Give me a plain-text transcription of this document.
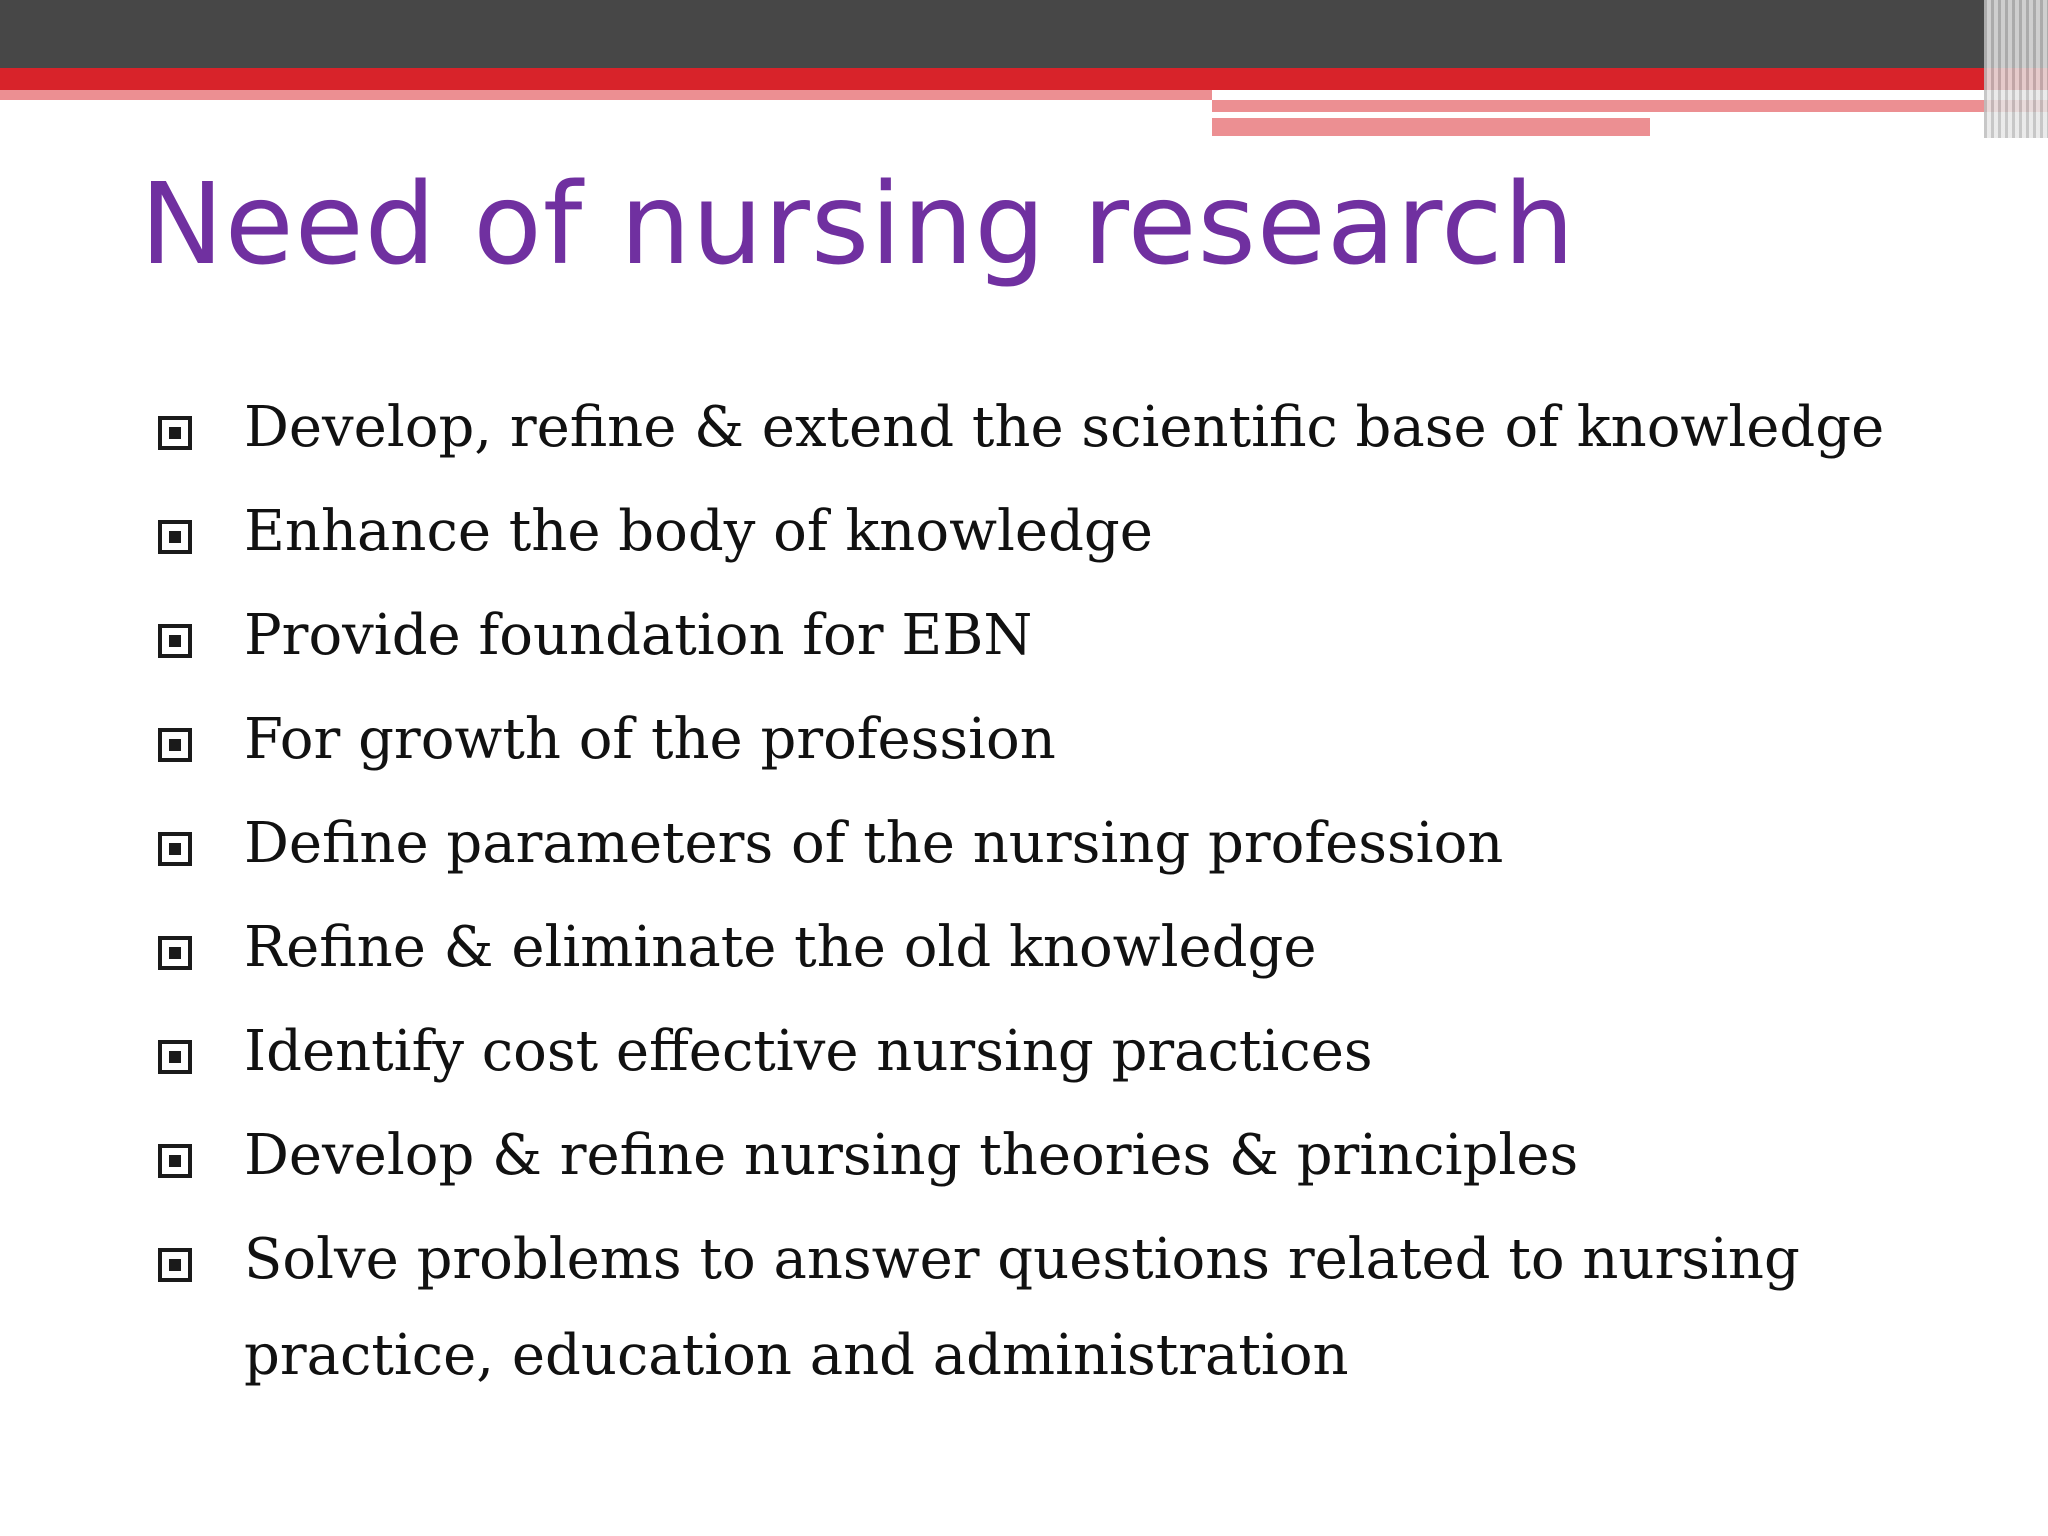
Need of nursing research
Develop, refine & extend the scientific base of knowledge
Enhance the body of knowledge
Provide foundation for EBN
For growth of the profession
Define parameters of the nursing profession
Refine & eliminate the old knowledge
Identify cost effective nursing practices
Develop & refine nursing theories & principles
Solve problems to answer questions related to nursing practice, education and administration
